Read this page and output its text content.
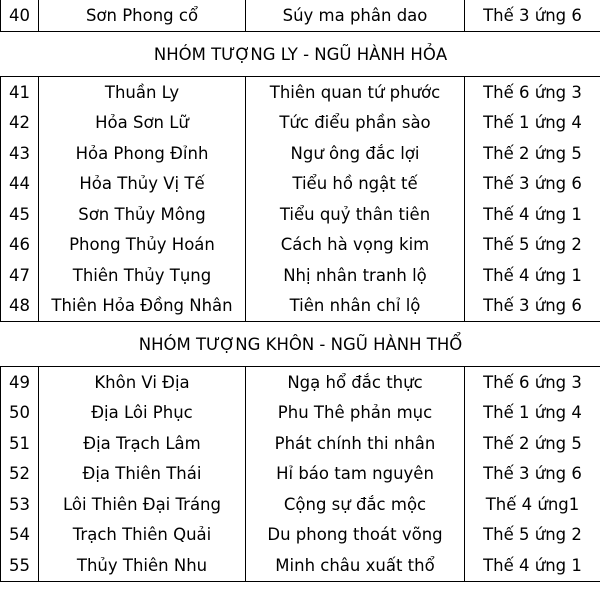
40	Sơn Phong cổ	Súy ma phân dao	Thế 3 ứng 6
NHÓM TƯỢNG LY - NGŨ HÀNH HỎA			
41	Thuần Ly	Thiên quan tứ phước	Thế 6 ứng 3
42	Hỏa Sơn Lữ	Tức điểu phần sào	Thế 1 ứng 4
43	Hỏa Phong Đỉnh	Ngư ông đắc lợi	Thế 2 ứng 5
44	Hỏa Thủy Vị Tế	Tiểu hồ ngật tế	Thế 3 ứng 6
45	Sơn Thủy Mông	Tiểu quỷ thân tiên	Thế 4 ứng 1
46	Phong Thủy Hoán	Cách hà vọng kim	Thế 5 ứng 2
47	Thiên Thủy Tụng	Nhị nhân tranh lộ	Thế 4 ứng 1
48	Thiên Hỏa Đồng Nhân	Tiên nhân chỉ lộ	Thế 3 ứng 6
NHÓM TƯỢNG KHÔN - NGŨ HÀNH THỔ			
49	Khôn Vi Địa	Ngạ hổ đắc thực	Thế 6 ứng 3
50	Địa Lôi Phục	Phu Thê phản mục	Thế 1 ứng 4
51	Địa Trạch Lâm	Phát chính thi nhân	Thế 2 ứng 5
52	Địa Thiên Thái	Hỉ báo tam nguyên	Thế 3 ứng 6
53	Lôi Thiên Đại Tráng	Cộng sự đắc mộc	Thế 4 ứng1
54	Trạch Thiên Quải	Du phong thoát võng	Thế 5 ứng 2
55	Thủy Thiên Nhu	Minh châu xuất thổ	Thế 4 ứng 1
